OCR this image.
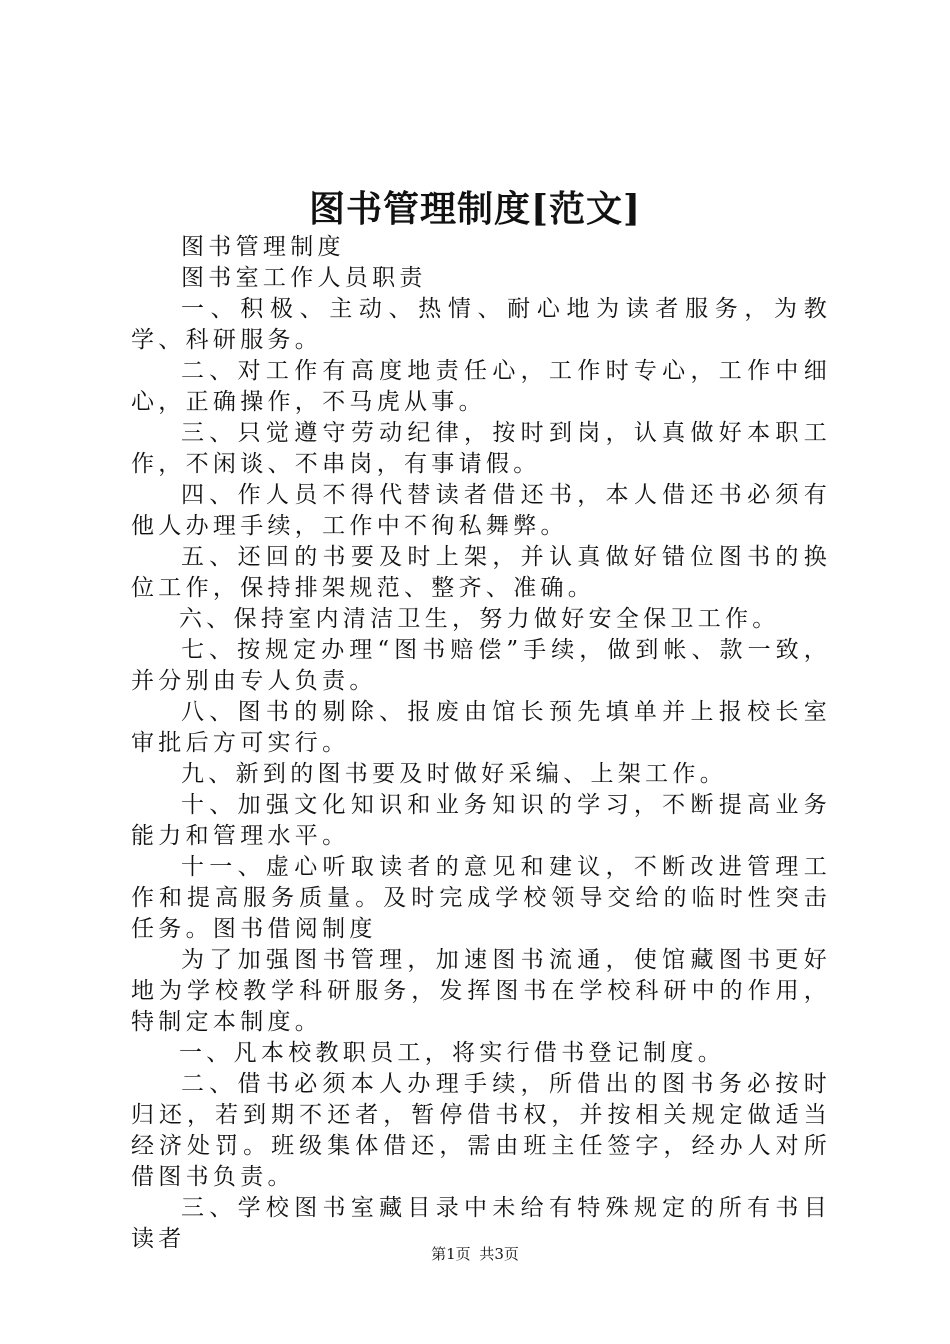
图书管理制度[范文]

图书管理制度

图书室工作人员职责

一、积极、主动、热情、耐心地为读者服务，为教学、科研服务。

二、对工作有高度地责任心，工作时专心，工作中细心，正确操作，不马虎从事。

三、只觉遵守劳动纪律，按时到岗，认真做好本职工作，不闲谈、不串岗，有事请假。

四、作人员不得代替读者借还书，本人借还书必须有他人办理手续，工作中不徇私舞弊。

五、还回的书要及时上架，并认真做好错位图书的换位工作，保持排架规范、整齐、准确。

六、保持室内清洁卫生，努力做好安全保卫工作。

七、按规定办理“图书赔偿”手续，做到帐、款一致，并分别由专人负责。

八、图书的剔除、报废由馆长预先填单并上报校长室审批后方可实行。

九、新到的图书要及时做好采编、上架工作。

十、加强文化知识和业务知识的学习，不断提高业务能力和管理水平。

十一、虚心听取读者的意见和建议，不断改进管理工作和提高服务质量。及时完成学校领导交给的临时性突击任务。图书借阅制度

为了加强图书管理，加速图书流通，使馆藏图书更好地为学校教学科研服务，发挥图书在学校科研中的作用，特制定本制度。

一、凡本校教职员工，将实行借书登记制度。

二、借书必须本人办理手续，所借出的图书务必按时归还，若到期不还者，暂停借书权，并按相关规定做适当经济处罚。班级集体借还，需由班主任签字，经办人对所借图书负责。

三、学校图书室藏目录中未给有特殊规定的所有书目读者

第1页 共3页
